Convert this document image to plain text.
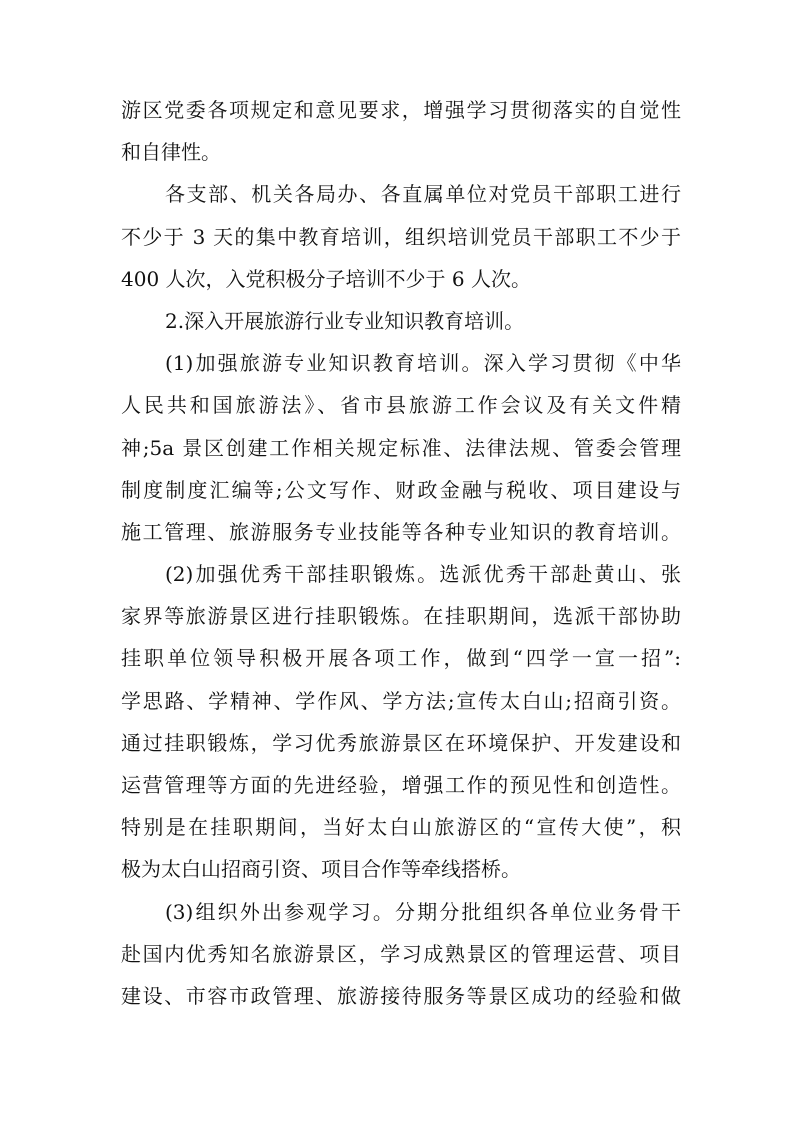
游区党委各项规定和意见要求，增强学习贯彻落实的自觉性
和自律性。
各支部、机关各局办、各直属单位对党员干部职工进行
不少于 3 天的集中教育培训，组织培训党员干部职工不少于
400 人次，入党积极分子培训不少于 6 人次。
2.深入开展旅游行业专业知识教育培训。
(1)加强旅游专业知识教育培训。深入学习贯彻《中华
人民共和国旅游法》、省市县旅游工作会议及有关文件精
神;5a 景区创建工作相关规定标准、法律法规、管委会管理
制度制度汇编等;公文写作、财政金融与税收、项目建设与
施工管理、旅游服务专业技能等各种专业知识的教育培训。
(2)加强优秀干部挂职锻炼。选派优秀干部赴黄山、张
家界等旅游景区进行挂职锻炼。在挂职期间，选派干部协助
挂职单位领导积极开展各项工作，做到“四学一宣一招”:
学思路、学精神、学作风、学方法;宣传太白山;招商引资。
通过挂职锻炼，学习优秀旅游景区在环境保护、开发建设和
运营管理等方面的先进经验，增强工作的预见性和创造性。
特别是在挂职期间，当好太白山旅游区的“宣传大使”，积
极为太白山招商引资、项目合作等牵线搭桥。
(3)组织外出参观学习。分期分批组织各单位业务骨干
赴国内优秀知名旅游景区，学习成熟景区的管理运营、项目
建设、市容市政管理、旅游接待服务等景区成功的经验和做
